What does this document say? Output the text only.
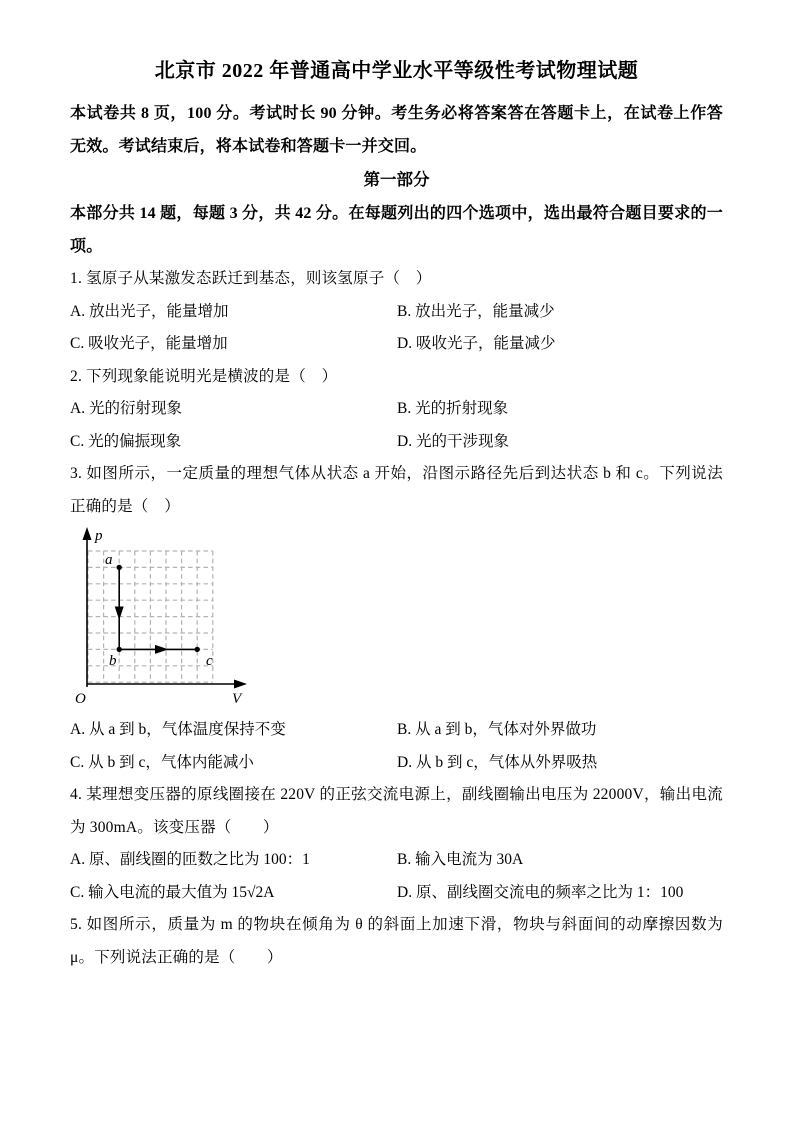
北京市 2022 年普通高中学业水平等级性考试物理试题

本试卷共 8 页，100 分。考试时长 90 分钟。考生务必将答案答在答题卡上，在试卷上作答无效。考试结束后，将本试卷和答题卡一并交回。

第一部分

本部分共 14 题，每题 3 分，共 42 分。在每题列出的四个选项中，选出最符合题目要求的一项。

1. 氢原子从某激发态跃迁到基态，则该氢原子（　）

A. 放出光子，能量增加	B. 放出光子，能量减少
C. 吸收光子，能量增加	D. 吸收光子，能量减少

2. 下列现象能说明光是横波的是（　）

A. 光的衍射现象	B. 光的折射现象
C. 光的偏振现象	D. 光的干涉现象

3. 如图所示，一定质量的理想气体从状态 a 开始，沿图示路径先后到达状态 b 和 c。下列说法正确的是（　）

p
V
O
a
b	c
A. 从 a 到 b，气体温度保持不变	B. 从 a 到 b，气体对外界做功
C. 从 b 到 c，气体内能减小	D. 从 b 到 c，气体从外界吸热

4. 某理想变压器的原线圈接在 220V 的正弦交流电源上，副线圈输出电压为 22000V，输出电流为 300mA。该变压器（　　）

A. 原、副线圈的匝数之比为 100：1	B. 输入电流为 30A
C. 输入电流的最大值为 15√2A	D. 原、副线圈交流电的频率之比为 1：100

5. 如图所示，质量为 m 的物块在倾角为 θ 的斜面上加速下滑，物块与斜面间的动摩擦因数为 μ。下列说法正确的是（　　）
